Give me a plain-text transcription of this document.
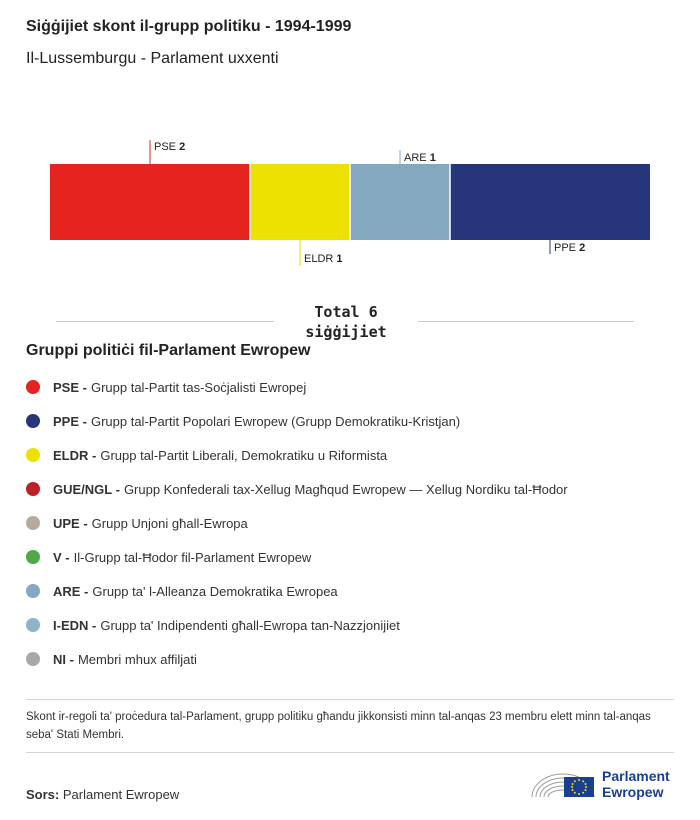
Siġġijiet skont il-grupp politiku - 1994-1999
Il-Lussemburgu - Parlament uxxenti
PSE 2
ELDR 1
ARE 1
PPE 2
Total 6 siġġijiet
Gruppi politiċi fil-Parlament Ewropew
PSE - Grupp tal-Partit tas-Soċjalisti Ewropej
PPE - Grupp tal-Partit Popolari Ewropew (Grupp Demokratiku-Kristjan)
ELDR - Grupp tal-Partit Liberali, Demokratiku u Riformista
GUE/NGL - Grupp Konfederali tax-Xellug Magħqud Ewropew — Xellug Nordiku tal-Ħodor
UPE - Grupp Unjoni għall-Ewropa
V - Il-Grupp tal-Ħodor fil-Parlament Ewropew
ARE - Grupp ta' l-Alleanza Demokratika Ewropea
I-EDN - Grupp ta' Indipendenti għall-Ewropa tan-Nazzjonijiet
NI - Membri mhux affiljati
Skont ir-regoli ta' proċedura tal-Parlament, grupp politiku għandu jikkonsisti minn tal-anqas 23 membru elett minn tal-anqas seba' Stati Membri.
Sors: Parlament Ewropew
Parlament
Ewropew
